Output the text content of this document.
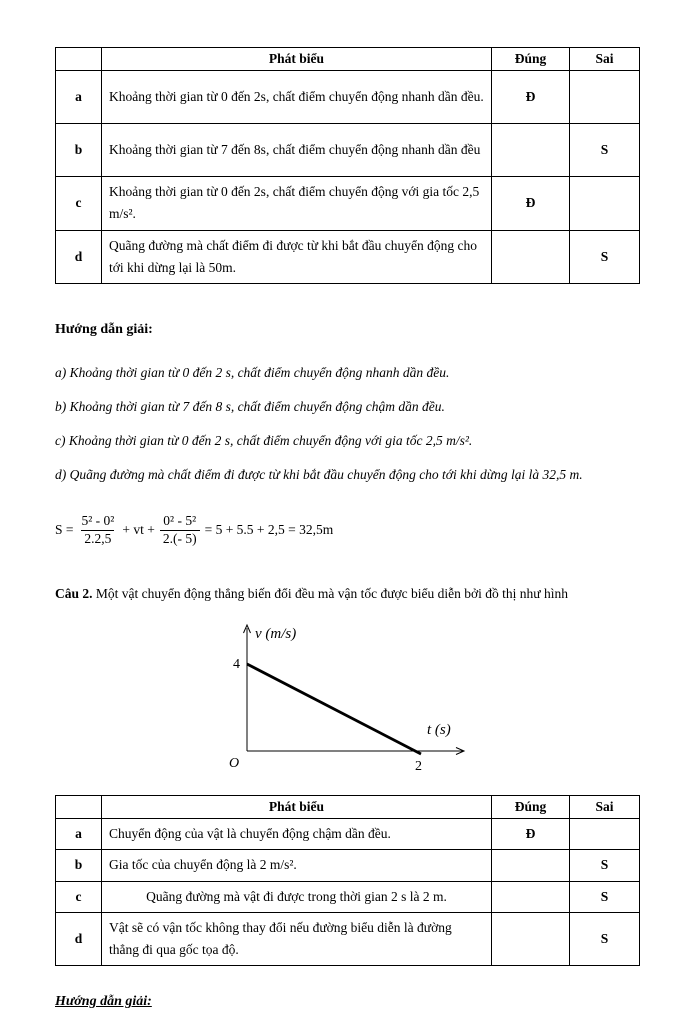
	Phát biểu	Đúng	Sai
a	Khoảng thời gian từ 0 đến 2s, chất điểm chuyển động nhanh dần đều.	Đ	
b	Khoảng thời gian từ 7 đến 8s, chất điểm chuyển động nhanh dần đều		S
c	Khoảng thời gian từ 0 đến 2s, chất điểm chuyển động với gia tốc 2,5 m/s².	Đ	
d	Quãng đường mà chất điểm đi được từ khi bắt đầu chuyển động cho tới khi dừng lại là 50m.		S
Hướng dẫn giải:
a) Khoảng thời gian từ 0 đến 2 s, chất điểm chuyển động nhanh dần đều.
b) Khoảng thời gian từ 7 đến 8 s, chất điểm chuyển động chậm dần đều.
c) Khoảng thời gian từ 0 đến 2 s, chất điểm chuyển động với gia tốc 2,5 m/s².
d) Quãng đường mà chất điểm đi được từ khi bắt đầu chuyển động cho tới khi dừng lại là 32,5 m.
$S = \frac{\text{5² - 0²}}{2.2,5}$ + vt + $\frac{\text{0² - 5²}}{2.(- 5)} = 5 + 5.5 + 2,5 = 32,5m$

Câu 2. Một vật chuyển động thẳng biến đổi đều mà vận tốc được biểu diễn bởi đồ thị như hình

v (m/s)
4
t (s)
O	2
	Phát biểu	Đúng	Sai
a	Chuyển động của vật là chuyển động chậm dần đều.	Đ	
b	Gia tốc của chuyển động là 2 m/s².		S
c	Quãng đường mà vật đi được trong thời gian 2 s là 2 m.		S
d	Vật sẽ có vận tốc không thay đổi nếu đường biểu diễn là đường thẳng đi qua gốc tọa độ.		S
Hướng dẫn giải:
